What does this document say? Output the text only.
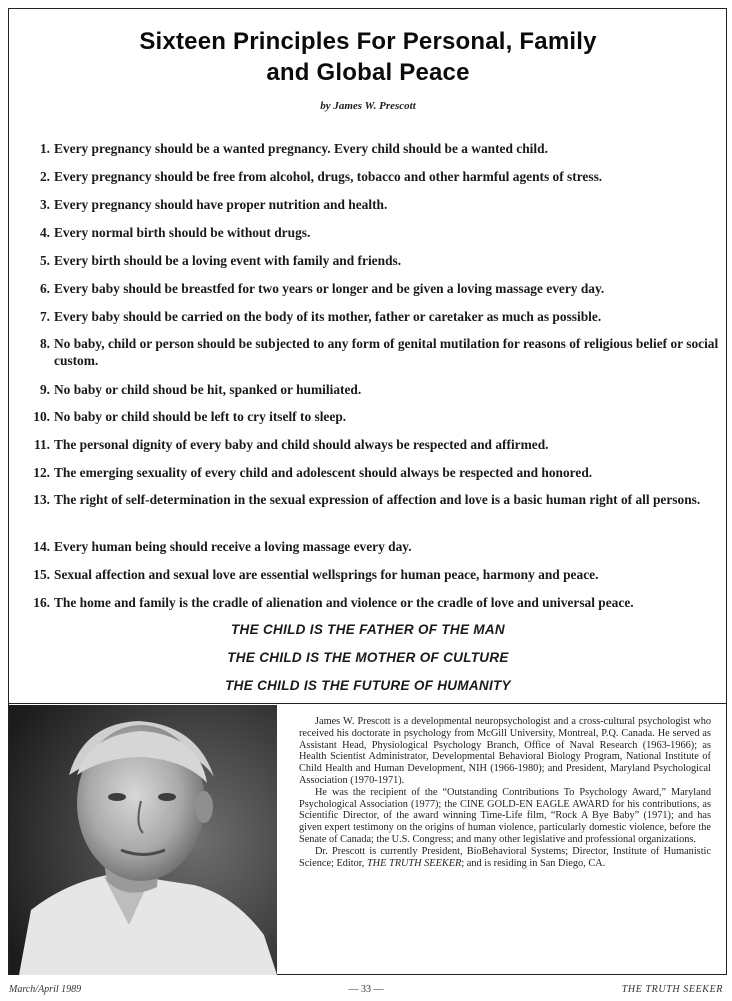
Sixteen Principles For Personal, Family
and Global Peace
by James W. Prescott
1. Every pregnancy should be a wanted pregnancy. Every child should be a wanted child.
2. Every pregnancy should be free from alcohol, drugs, tobacco and other harmful agents of stress.
3. Every pregnancy should have proper nutrition and health.
4. Every normal birth should be without drugs.
5. Every birth should be a loving event with family and friends.
6. Every baby should be breastfed for two years or longer and be given a loving massage every day.
7. Every baby should be carried on the body of its mother, father or caretaker as much as possible.
8. No baby, child or person should be subjected to any form of genital mutilation for reasons of religious belief or social custom.
9. No baby or child shoud be hit, spanked or humiliated.
10. No baby or child should be left to cry itself to sleep.
11. The personal dignity of every baby and child should always be respected and affirmed.
12. The emerging sexuality of every child and adolescent should always be respected and honored.
13. The right of self-determination in the sexual expression of affection and love is a basic human right of all persons.
14. Every human being should receive a loving massage every day.
15. Sexual affection and sexual love are essential wellsprings for human peace, harmony and peace.
16. The home and family is the cradle of alienation and violence or the cradle of love and universal peace.
THE CHILD IS THE FATHER OF THE MAN
THE CHILD IS THE MOTHER OF CULTURE
THE CHILD IS THE FUTURE OF HUMANITY

James W. Prescott is a developmental neuropsychologist and a cross-cultural psychologist who received his doctorate in psychology from McGill University, Montreal, P.Q. Canada. He served as Assistant Head, Physiological Psychology Branch, Office of Naval Research (1963-1966); as Health Scientist Administrator, Developmental Behavioral Biology Program, National Institute of Child Health and Human Development, NIH (1966-1980); and President, Maryland Psychological Association (1970-1971).

He was the recipient of the “Outstanding Contributions To Psychology Award,” Maryland Psychological Association (1977); the CINE GOLD-EN EAGLE AWARD for his contributions, as Scientific Director, of the award winning Time-Life film, “Rock A Bye Baby” (1971); and has given expert testimony on the origins of human violence, particularly domestic violence, before the Senate of Canada; the U.S. Congress; and many other legislative and professional organizations.

Dr. Prescott is currently President, BioBehavioral Systems; Director, Institute of Humanistic Science; Editor, THE TRUTH SEEKER; and is residing in San Diego, CA.

March/April 1989	— 33 —	THE TRUTH SEEKER
